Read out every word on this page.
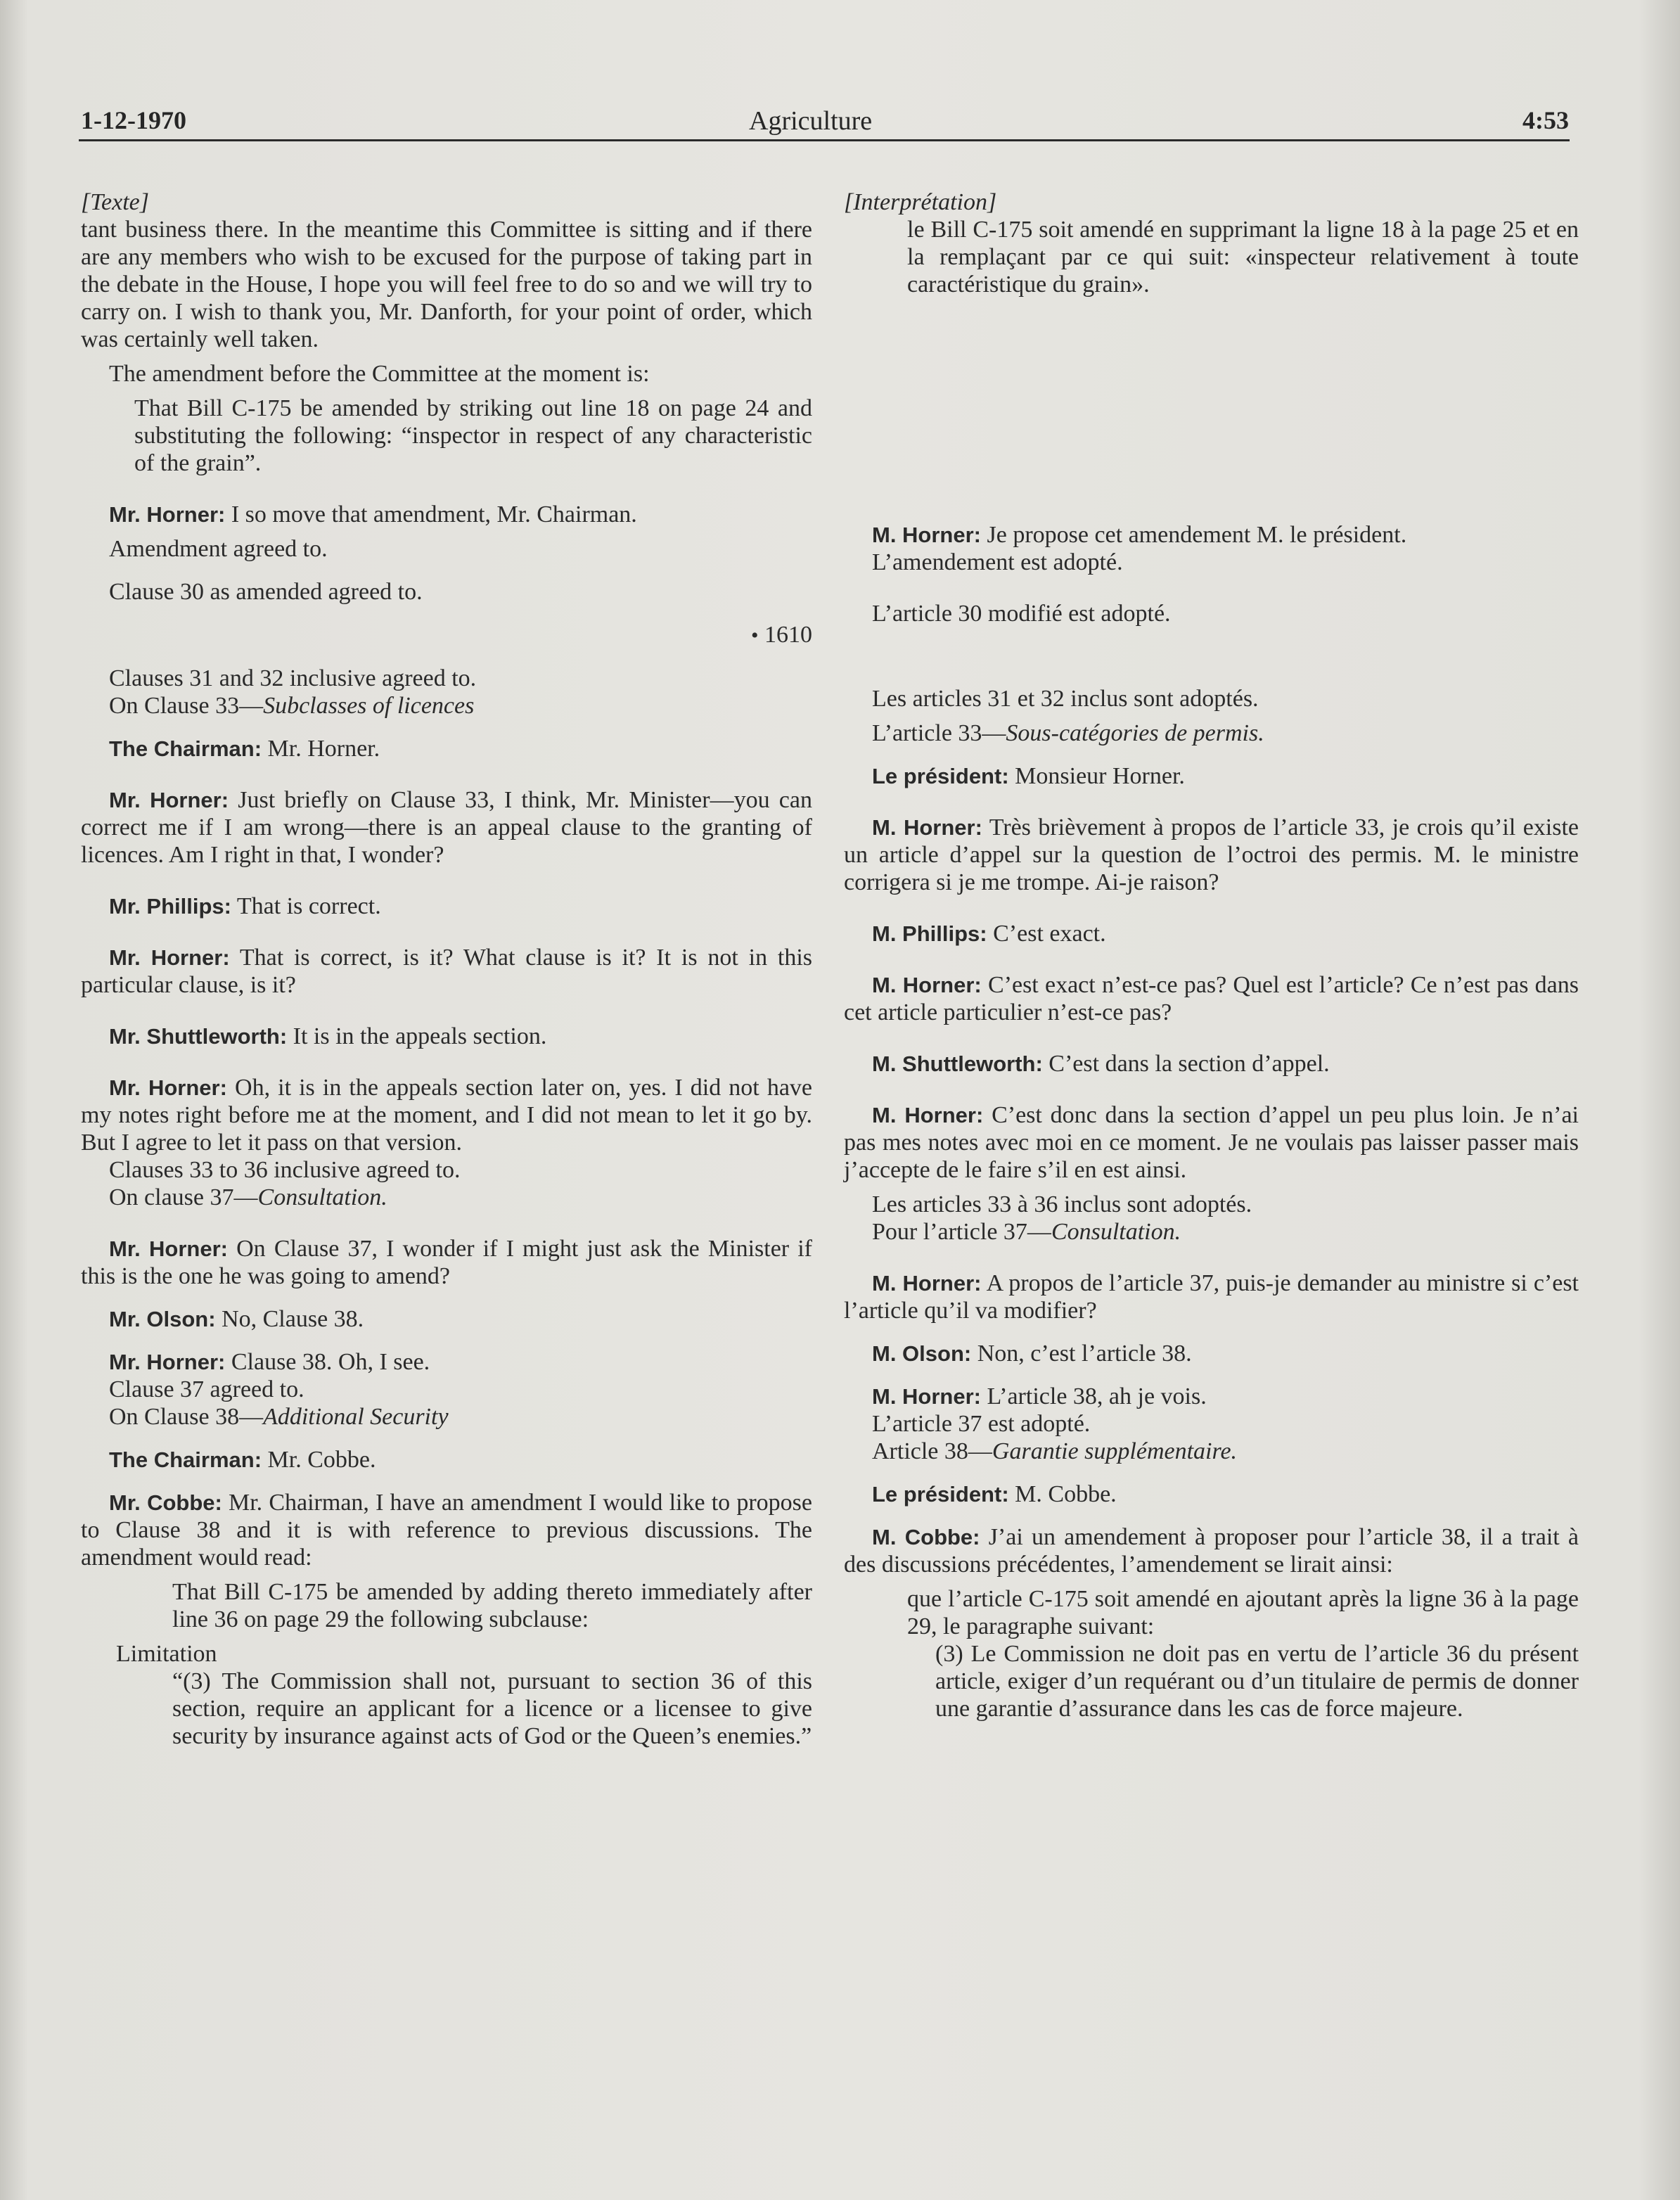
1-12-1970	Agriculture	4:53

[Texte]

tant business there. In the meantime this Committee is sitting and if there are any members who wish to be excused for the purpose of taking part in the debate in the House, I hope you will feel free to do so and we will try to carry on. I wish to thank you, Mr. Danforth, for your point of order, which was certainly well taken.

The amendment before the Committee at the moment is:

That Bill C-175 be amended by striking out line 18 on page 24 and substituting the following: “inspector in respect of any characteristic of the grain”.

Mr. Horner: I so move that amendment, Mr. Chairman.

Amendment agreed to.

Clause 30 as amended agreed to.

• 1610

Clauses 31 and 32 inclusive agreed to.

On Clause 33—Subclasses of licences

The Chairman: Mr. Horner.

Mr. Horner: Just briefly on Clause 33, I think, Mr. Minister—you can correct me if I am wrong—there is an appeal clause to the granting of licences. Am I right in that, I wonder?

Mr. Phillips: That is correct.

Mr. Horner: That is correct, is it? What clause is it? It is not in this particular clause, is it?

Mr. Shuttleworth: It is in the appeals section.

Mr. Horner: Oh, it is in the appeals section later on, yes. I did not have my notes right before me at the moment, and I did not mean to let it go by. But I agree to let it pass on that version.

Clauses 33 to 36 inclusive agreed to.

On clause 37—Consultation.

Mr. Horner: On Clause 37, I wonder if I might just ask the Minister if this is the one he was going to amend?

Mr. Olson: No, Clause 38.

Mr. Horner: Clause 38. Oh, I see.

Clause 37 agreed to.

On Clause 38—Additional Security

The Chairman: Mr. Cobbe.

Mr. Cobbe: Mr. Chairman, I have an amendment I would like to propose to Clause 38 and it is with reference to previous discussions. The amendment would read:

That Bill C-175 be amended by adding thereto immediately after line 36 on page 29 the following subclause:

Limitation

“(3) The Commission shall not, pursuant to section 36 of this section, require an applicant for a licence or a licensee to give security by insurance against acts of God or the Queen’s enemies.”

[Interprétation]

le Bill C-175 soit amendé en supprimant la ligne 18 à la page 25 et en la remplaçant par ce qui suit: «inspecteur relativement à toute caractéristique du grain».

M. Horner: Je propose cet amendement M. le président.

L’amendement est adopté.

L’article 30 modifié est adopté.

Les articles 31 et 32 inclus sont adoptés.

L’article 33—Sous-catégories de permis.

Le président: Monsieur Horner.

M. Horner: Très brièvement à propos de l’article 33, je crois qu’il existe un article d’appel sur la question de l’octroi des permis. M. le ministre corrigera si je me trompe. Ai-je raison?

M. Phillips: C’est exact.

M. Horner: C’est exact n’est-ce pas? Quel est l’article? Ce n’est pas dans cet article particulier n’est-ce pas?

M. Shuttleworth: C’est dans la section d’appel.

M. Horner: C’est donc dans la section d’appel un peu plus loin. Je n’ai pas mes notes avec moi en ce moment. Je ne voulais pas laisser passer mais j’accepte de le faire s’il en est ainsi.

Les articles 33 à 36 inclus sont adoptés.

Pour l’article 37—Consultation.

M. Horner: A propos de l’article 37, puis-je demander au ministre si c’est l’article qu’il va modifier?

M. Olson: Non, c’est l’article 38.

M. Horner: L’article 38, ah je vois.

L’article 37 est adopté.

Article 38—Garantie supplémentaire.

Le président: M. Cobbe.

M. Cobbe: J’ai un amendement à proposer pour l’article 38, il a trait à des discussions précédentes, l’amendement se lirait ainsi:

que l’article C-175 soit amendé en ajoutant après la ligne 36 à la page 29, le paragraphe suivant:

(3) Le Commission ne doit pas en vertu de l’article 36 du présent article, exiger d’un requérant ou d’un titulaire de permis de donner une garantie d’assurance dans les cas de force majeure.
